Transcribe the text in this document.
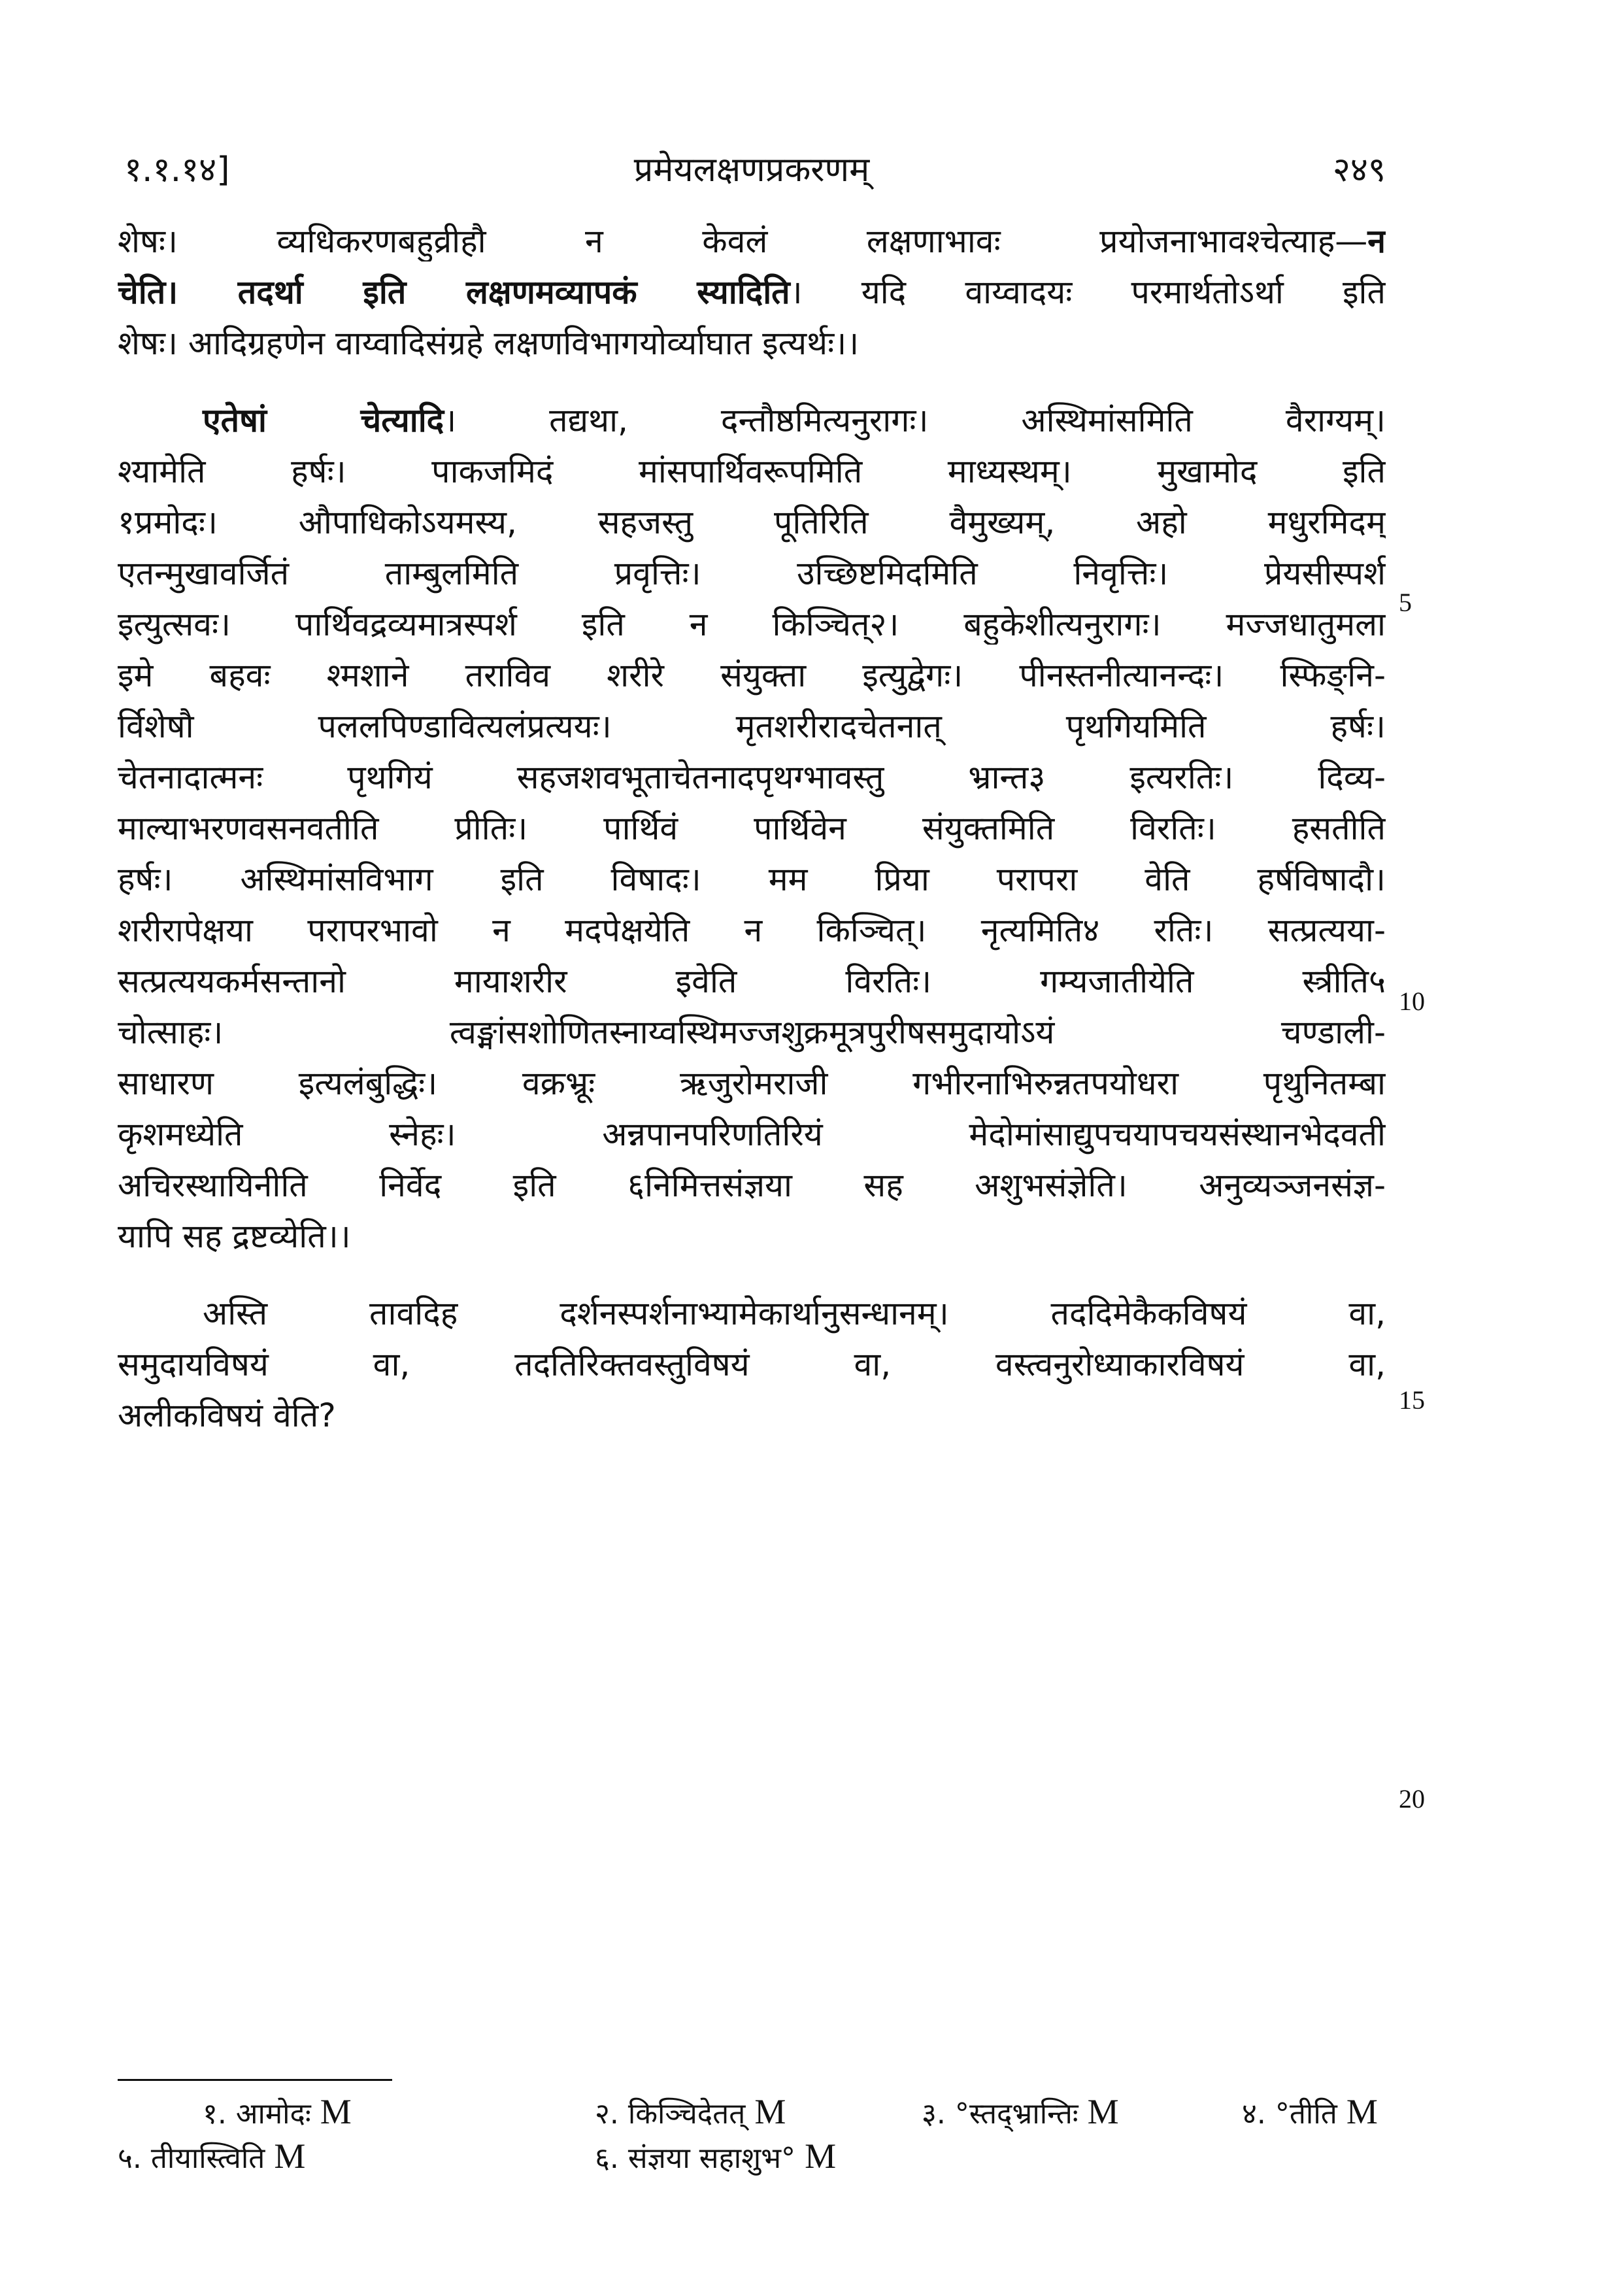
१.१.१४]	प्रमेयलक्षणप्रकरणम्	२४९
शेषः। व्यधिकरणबहुव्रीहौ न केवलं लक्षणाभावः प्रयोजनाभावश्चेत्याह—न
चेति। तदर्था इति लक्षणमव्यापकं स्यादिति। यदि वाय्वादयः परमार्थतोऽर्था इति
शेषः। आदिग्रहणेन वाय्वादिसंग्रहे लक्षणविभागयोर्व्याघात इत्यर्थः।।
एतेषां चेत्यादि। तद्यथा, दन्तौष्ठमित्यनुरागः। अस्थिमांसमिति वैराग्यम्।
श्यामेति हर्षः। पाकजमिदं मांसपार्थिवरूपमिति माध्यस्थम्। मुखामोद इति
१प्रमोदः। औपाधिकोऽयमस्य, सहजस्तु पूतिरिति वैमुख्यम्, अहो मधुरमिदम्
एतन्मुखावर्जितं ताम्बुलमिति प्रवृत्तिः। उच्छिष्टमिदमिति निवृत्तिः। प्रेयसीस्पर्श
इत्युत्सवः। पार्थिवद्रव्यमात्रस्पर्श इति न किञ्चित्२। बहुकेशीत्यनुरागः। मज्जधातुमला
इमे बहवः श्मशाने तराविव शरीरे संयुक्ता इत्युद्वेगः। पीनस्तनीत्यानन्दः। स्फिङ्नि-
र्विशेषौ पललपिण्डावित्यलंप्रत्ययः। मृतशरीरादचेतनात् पृथगियमिति हर्षः।
चेतनादात्मनः पृथगियं सहजशवभूताचेतनादपृथग्भावस्तु भ्रान्त३ इत्यरतिः। दिव्य-
माल्याभरणवसनवतीति प्रीतिः। पार्थिवं पार्थिवेन संयुक्तमिति विरतिः। हसतीति
हर्षः। अस्थिमांसविभाग इति विषादः। मम प्रिया परापरा वेति हर्षविषादौ।
शरीरापेक्षया परापरभावो न मदपेक्षयेति न किञ्चित्। नृत्यमिति४ रतिः। सत्प्रत्यया-
सत्प्रत्ययकर्मसन्तानो मायाशरीर इवेति विरतिः। गम्यजातीयेति स्त्रीति५
चोत्साहः। त्वङ्मांसशोणितस्नाय्वस्थिमज्जशुक्रमूत्रपुरीषसमुदायोऽयं चण्डाली-
साधारण इत्यलंबुद्धिः। वक्रभ्रूः ऋजुरोमराजी गभीरनाभिरुन्नतपयोधरा पृथुनितम्बा
कृशमध्येति स्नेहः। अन्नपानपरिणतिरियं मेदोमांसाद्युपचयापचयसंस्थानभेदवती
अचिरस्थायिनीति निर्वेद इति ६निमित्तसंज्ञया सह अशुभसंज्ञेति। अनुव्यञ्जनसंज्ञ-
यापि सह द्रष्टव्येति।।
अस्ति तावदिह दर्शनस्पर्शनाभ्यामेकार्थानुसन्धानम्। तददिमेकैकविषयं वा,
समुदायविषयं वा, तदतिरिक्तवस्तुविषयं वा, वस्त्वनुरोध्याकारविषयं वा,
अलीकविषयं वेति?
5
10
15
20
१. आमोदः M	२. किञ्चिदेतत् M	३. °स्तद्भ्रान्तिः M	४. °तीति M
५. तीयास्त्विति M	६. संज्ञया सहाशुभ° M
